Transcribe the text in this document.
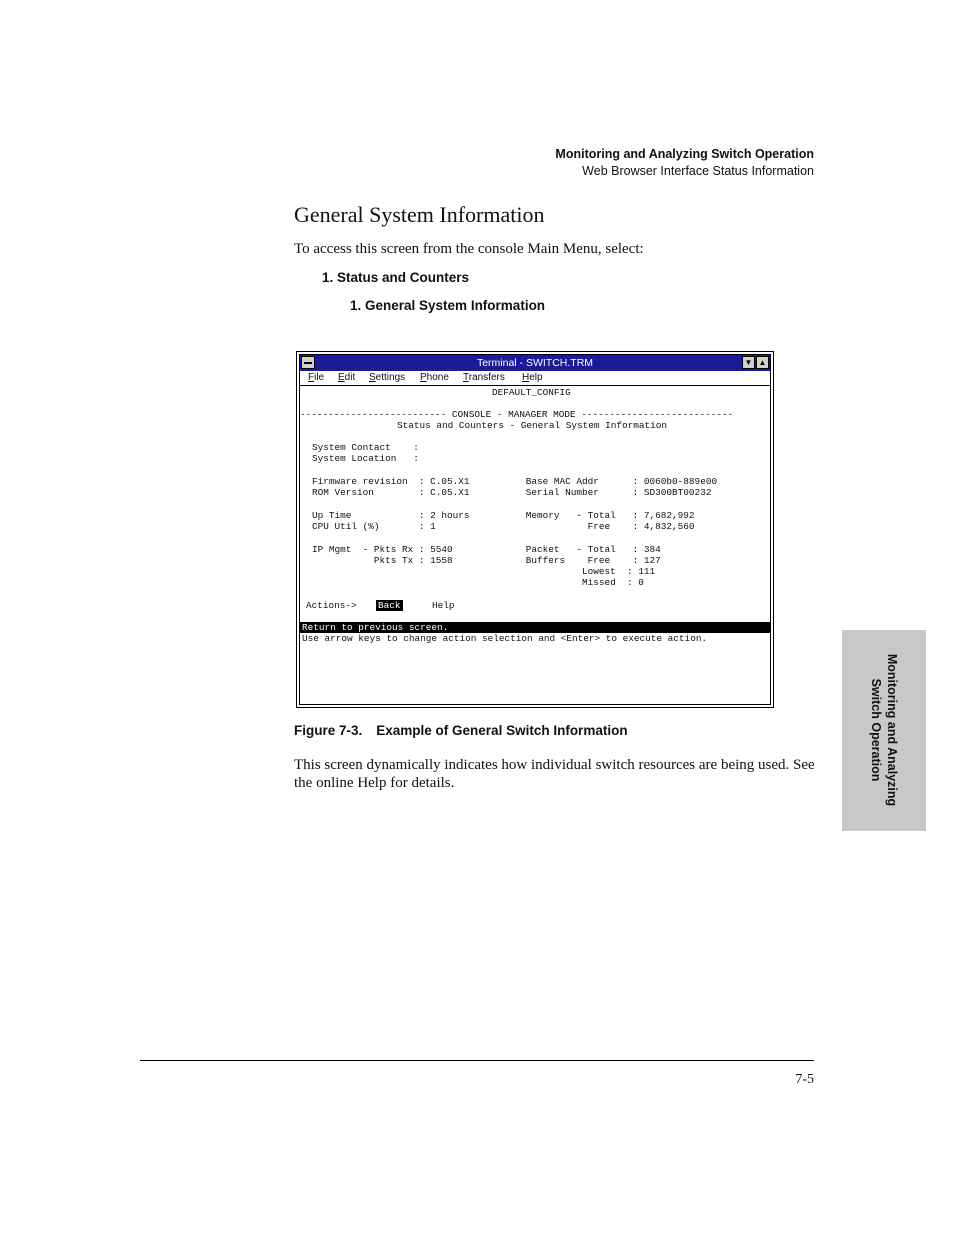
Monitoring and Analyzing Switch Operation
Web Browser Interface Status Information
General System Information
To access this screen from the console Main Menu, select:
1. Status and Counters
1. General System Information
Terminal - SWITCH.TRM	▼ ▲
File Edit Settings Phone Transfers Help

DEFAULT_CONFIG

-------------------------- CONSOLE - MANAGER MODE ---------------------------

Status and Counters - General System Information

System Contact    :

System Location   :

Firmware revision  : C.05.X1          Base MAC Addr      : 0060b0-889e00

ROM Version        : C.05.X1          Serial Number      : SD300BT00232

Up Time            : 2 hours          Memory   - Total   : 7,682,992

CPU Util (%)       : 1                           Free    : 4,832,560

IP Mgmt  - Pkts Rx : 5540             Packet   - Total   : 384

Pkts Tx : 1558             Buffers    Free    : 127

Lowest  : 111

Missed  : 0

Actions->

Back

	Help

Return to previous screen.

Use arrow keys to change action selection and <Enter> to execute action.

Figure 7-3. Example of General Switch Information
This screen dynamically indicates how individual switch resources are being used. See the online Help for details.	Monitoring and Analyzing
Switch Operation
7-5
